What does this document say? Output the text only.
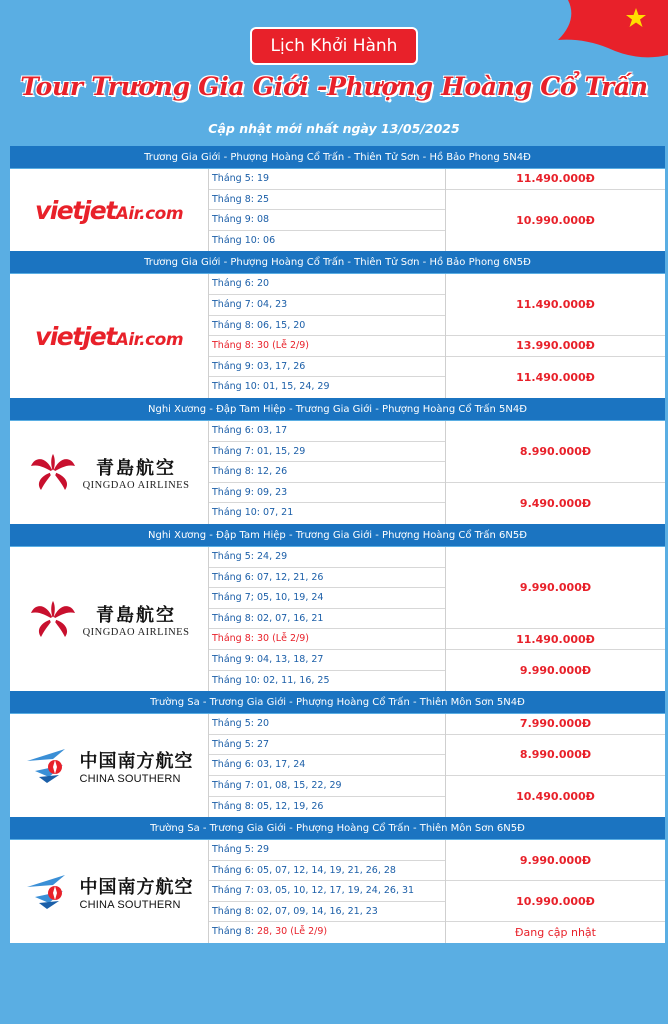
Lịch Khởi Hành
Tour Trương Gia Giới -Phượng Hoàng Cổ Trấn
Cập nhật mới nhất ngày 13/05/2025
Trương Gia Giới - Phượng Hoàng Cổ Trấn - Thiên Tử Sơn - Hồ Bảo Phong 5N4Đ
vietjet Air.com
Tháng 5: 19
Tháng 8: 25
Tháng 9: 08
Tháng 10: 06
11.490.000Đ
10.990.000Đ
Trương Gia Giới - Phượng Hoàng Cổ Trấn - Thiên Tử Sơn - Hồ Bảo Phong 6N5Đ
vietjet Air.com
Tháng 6: 20
Tháng 7: 04, 23
Tháng 8: 06, 15, 20
Tháng 8: 30 (Lễ 2/9)
Tháng 9: 03, 17, 26
Tháng 10: 01, 15, 24, 29
11.490.000Đ
13.990.000Đ
11.490.000Đ
Nghi Xương - Đập Tam Hiệp - Trương Gia Giới - Phượng Hoàng Cổ Trấn 5N4Đ
青島航空
QINGDAO AIRLINES
Tháng 6: 03, 17
Tháng 7: 01, 15, 29
Tháng 8: 12, 26
Tháng 9: 09, 23
Tháng 10: 07, 21
8.990.000Đ
9.490.000Đ
Nghi Xương - Đập Tam Hiệp - Trương Gia Giới - Phượng Hoàng Cổ Trấn 6N5Đ
青島航空
QINGDAO AIRLINES
Tháng 5: 24, 29
Tháng 6: 07, 12, 21, 26
Tháng 7; 05, 10, 19, 24
Tháng 8: 02, 07, 16, 21
Tháng 8: 30 (Lễ 2/9)
Tháng 9: 04, 13, 18, 27
Tháng 10: 02, 11, 16, 25
9.990.000Đ
11.490.000Đ
9.990.000Đ
Trường Sa - Trương Gia Giới - Phượng Hoàng Cổ Trấn - Thiên Môn Sơn 5N4Đ
中国南方航空
CHINA SOUTHERN
Tháng 5: 20
Tháng 5: 27
Tháng 6: 03, 17, 24
Tháng 7: 01, 08, 15, 22, 29
Tháng 8: 05, 12, 19, 26
7.990.000Đ
8.990.000Đ
10.490.000Đ
Trường Sa - Trương Gia Giới - Phượng Hoàng Cổ Trấn - Thiên Môn Sơn 6N5Đ
中国南方航空
CHINA SOUTHERN
Tháng 5: 29
Tháng 6: 05, 07, 12, 14, 19, 21, 26, 28
Tháng 7: 03, 05, 10, 12, 17, 19, 24, 26, 31
Tháng 8: 02, 07, 09, 14, 16, 21, 23
Tháng 8: 28, 30 (Lễ 2/9)
9.990.000Đ
10.990.000Đ
Đang cập nhật
